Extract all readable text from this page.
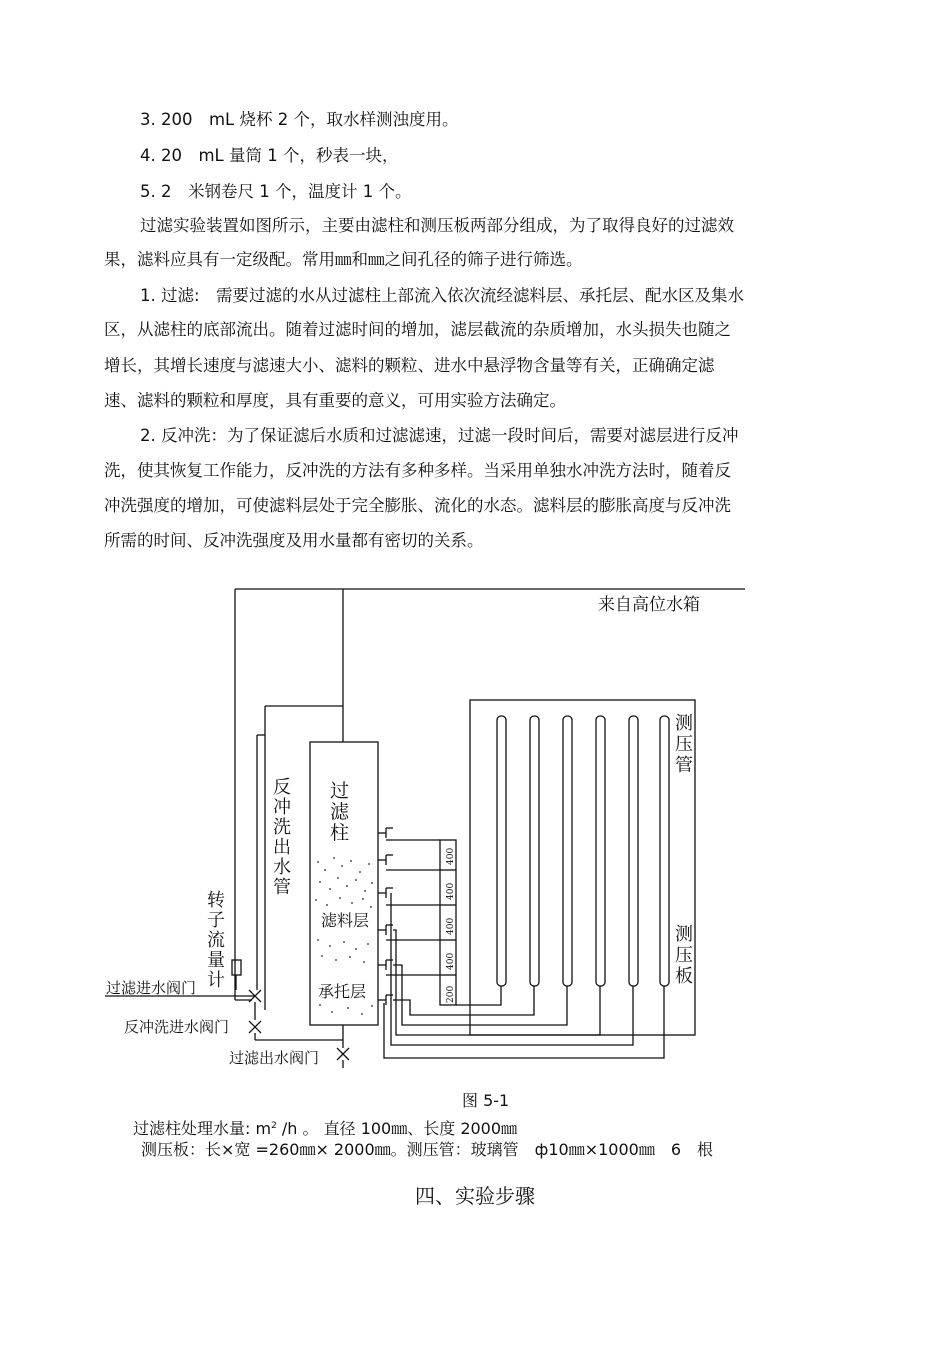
3. 200　mL 烧杯 2 个，取水样测浊度用。
4. 20　mL 量筒 1 个，秒表一块，
5. 2　米钢卷尺 1 个，温度计 1 个。
过滤实验装置如图所示，主要由滤柱和测压板两部分组成，为了取得良好的过滤效
果，滤料应具有一定级配。常用㎜和㎜之间孔径的筛子进行筛选。
1. 过滤:　需要过滤的水从过滤柱上部流入依次流经滤料层、承托层、配水区及集水
区，从滤柱的底部流出。随着过滤时间的增加，滤层截流的杂质增加，水头损失也随之
增长，其增长速度与滤速大小、滤料的颗粒、进水中悬浮物含量等有关，正确确定滤
速、滤料的颗粒和厚度，具有重要的意义，可用实验方法确定。
2. 反冲洗：为了保证滤后水质和过滤滤速，过滤一段时间后，需要对滤层进行反冲
洗，使其恢复工作能力，反冲洗的方法有多种多样。当采用单独水冲洗方法时，随着反
冲洗强度的增加，可使滤料层处于完全膨胀、流化的水态。滤料层的膨胀高度与反冲洗
所需的时间、反冲洗强度及用水量都有密切的关系。
来自高位水箱
反
冲
洗
出
水
管
过
滤
柱
滤料层
承托层
转
子
流
量
计
过滤进水阀门
反冲洗进水阀门
过滤出水阀门
测
压
管
测
压
板
400
400
400
400
200
图 5-1
过滤柱处理水量: $m^2$ /h 。 直径 100㎜、长度 2000㎜
测压板：长×宽 =260㎜× 2000㎜。测压管：玻璃管　ф10㎜×1000㎜　6　根
四、实验步骤
